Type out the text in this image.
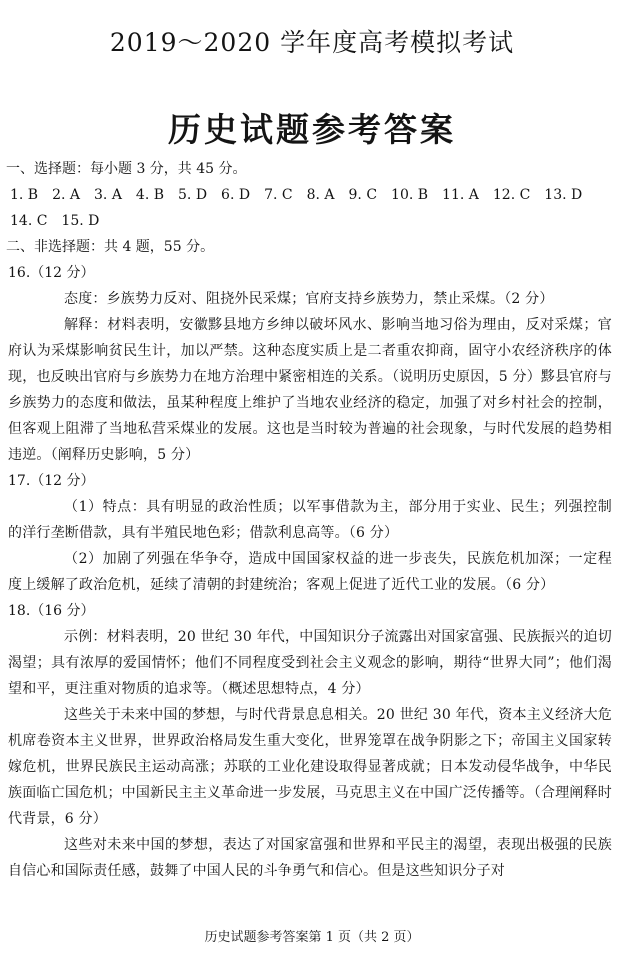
2019～2020 学年度高考模拟考试
历史试题参考答案

一、选择题：每小题 3 分，共 45 分。

1. B　2. A　3. A　4. B　5. D　6. D　7. C　8. A　9. C　10. B　11. A　12. C　13. D

14. C　15. D

二、非选择题：共 4 题，55 分。

16.（12 分）

态度：乡族势力反对、阻挠外民采煤；官府支持乡族势力，禁止采煤。（2 分）

解释：材料表明，安徽黟县地方乡绅以破坏风水、影响当地习俗为理由，反对采煤；官府认为采煤影响贫民生计，加以严禁。这种态度实质上是二者重农抑商，固守小农经济秩序的体现，也反映出官府与乡族势力在地方治理中紧密相连的关系。（说明历史原因，5 分）黟县官府与乡族势力的态度和做法，虽某种程度上维护了当地农业经济的稳定，加强了对乡村社会的控制，但客观上阻滞了当地私营采煤业的发展。这也是当时较为普遍的社会现象，与时代发展的趋势相违逆。（阐释历史影响，5 分）

17.（12 分）

（1）特点：具有明显的政治性质；以军事借款为主，部分用于实业、民生；列强控制的洋行垄断借款，具有半殖民地色彩；借款利息高等。（6 分）

（2）加剧了列强在华争夺，造成中国国家权益的进一步丧失，民族危机加深；一定程度上缓解了政治危机，延续了清朝的封建统治；客观上促进了近代工业的发展。（6 分）

18.（16 分）

示例：材料表明，20 世纪 30 年代，中国知识分子流露出对国家富强、民族振兴的迫切渴望；具有浓厚的爱国情怀；他们不同程度受到社会主义观念的影响，期待“世界大同”；他们渴望和平，更注重对物质的追求等。（概述思想特点，4 分）

这些关于未来中国的梦想，与时代背景息息相关。20 世纪 30 年代，资本主义经济大危机席卷资本主义世界，世界政治格局发生重大变化，世界笼罩在战争阴影之下；帝国主义国家转嫁危机，世界民族民主运动高涨；苏联的工业化建设取得显著成就；日本发动侵华战争，中华民族面临亡国危机；中国新民主主义革命进一步发展，马克思主义在中国广泛传播等。（合理阐释时代背景，6 分）

这些对未来中国的梦想，表达了对国家富强和世界和平民主的渴望，表现出极强的民族自信心和国际责任感，鼓舞了中国人民的斗争勇气和信心。但是这些知识分子对

历史试题参考答案第 1 页（共 2 页）
